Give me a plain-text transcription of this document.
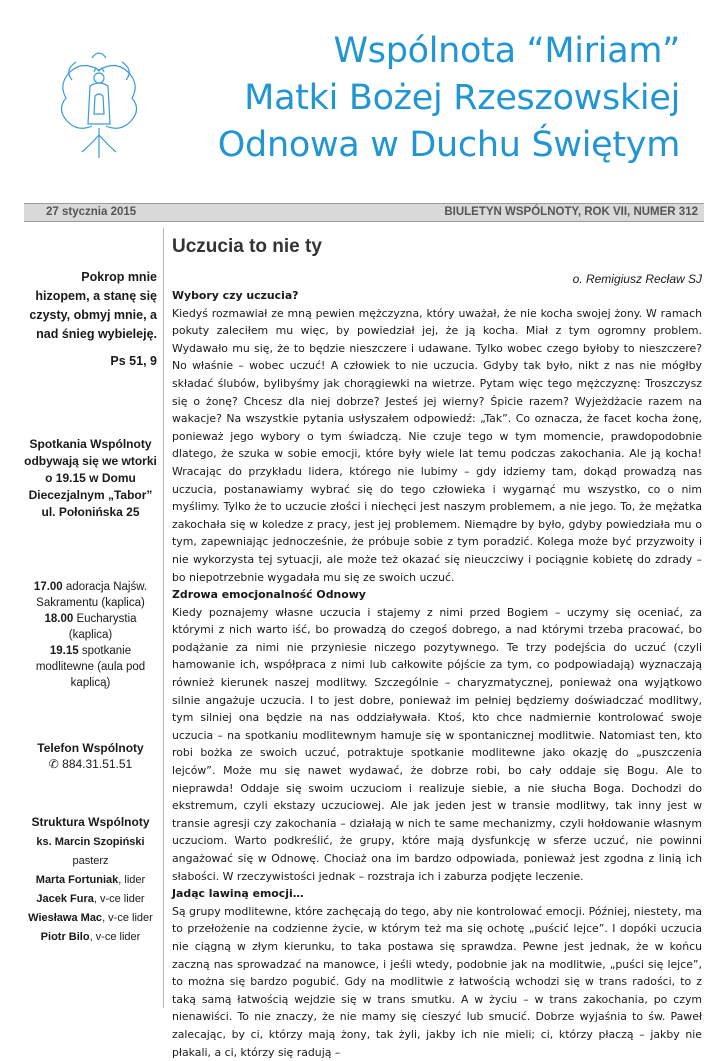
Wspólnota “Miriam”
Matki Bożej Rzeszowskiej
Odnowa w Duchu Świętym
27 stycznia 2015	BIULETYN WSPÓLNOTY, ROK VII, NUMER 312
Pokrop mnie hizopem, a stanę się czysty, obmyj mnie, a nad śnieg wybieleję.
Ps 51, 9
Spotkania Wspólnoty odbywają się we wtorki o 19.15 w Domu Diecezjalnym „Tabor” ul. Połonińska 25
17.00 adoracja Najśw. Sakramentu (kaplica)
18.00 Eucharystia (kaplica)
19.15 spotkanie modlitewne (aula pod kaplicą)
Telefon Wspólnoty
✆ 884.31.51.51
Struktura Wspólnoty
ks. Marcin Szopiński
pasterz
Marta Fortuniak, lider
Jacek Fura, v-ce lider
Wiesława Mac, v-ce lider
Piotr Bilo, v-ce lider
Uczucia to nie ty
o. Remigiusz Recław SJ
Wybory czy uczucia?

Kiedyś rozmawiał ze mną pewien mężczyzna, który uważał, że nie kocha swojej żony. W ramach pokuty zaleciłem mu więc, by powiedział jej, że ją kocha. Miał z tym ogromny problem. Wydawało mu się, że to będzie nieszczere i udawane. Tylko wobec czego byłoby to nieszczere? No właśnie – wobec uczuć! A człowiek to nie uczucia. Gdyby tak było, nikt z nas nie mógłby składać ślubów, bylibyśmy jak chorągiewki na wietrze. Pytam więc tego mężczyznę: Troszczysz się o żonę? Chcesz dla niej dobrze? Jesteś jej wierny? Śpicie razem? Wyjeżdżacie razem na wakacje? Na wszystkie pytania usłyszałem odpowiedź: „Tak”. Co oznacza, że facet kocha żonę, ponieważ jego wybory o tym świadczą. Nie czuje tego w tym momencie, prawdopodobnie dlatego, że szuka w sobie emocji, które były wiele lat temu podczas zakochania. Ale ją kocha! Wracając do przykładu lidera, którego nie lubimy – gdy idziemy tam, dokąd prowadzą nas uczucia, postanawiamy wybrać się do tego człowieka i wygarnąć mu wszystko, co o nim myślimy. Tylko że to uczucie złości i niechęci jest naszym problemem, a nie jego. To, że mężatka zakochała się w koledze z pracy, jest jej problemem. Niemądre by było, gdyby powiedziała mu o tym, zapewniając jednocześnie, że próbuje sobie z tym poradzić. Kolega może być przyzwoity i nie wykorzysta tej sytuacji, ale może też okazać się nieuczciwy i pociągnie kobietę do zdrady – bo niepotrzebnie wygadała mu się ze swoich uczuć.

Zdrowa emocjonalność Odnowy

Kiedy poznajemy własne uczucia i stajemy z nimi przed Bogiem – uczymy się oceniać, za którymi z nich warto iść, bo prowadzą do czegoś dobrego, a nad którymi trzeba pracować, bo podążanie za nimi nie przyniesie niczego pozytywnego. Te trzy podejścia do uczuć (czyli hamowanie ich, współpraca z nimi lub całkowite pójście za tym, co podpowiadają) wyznaczają również kierunek naszej modlitwy. Szczególnie – charyzmatycznej, ponieważ ona wyjątkowo silnie angażuje uczucia. I to jest dobre, ponieważ im pełniej będziemy doświadczać modlitwy, tym silniej ona będzie na nas oddziaływała. Ktoś, kto chce nadmiernie kontrolować swoje uczucia – na spotkaniu modlitewnym hamuje się w spontanicznej modlitwie. Natomiast ten, kto robi bożka ze swoich uczuć, potraktuje spotkanie modlitewne jako okazję do „puszczenia lejców”. Może mu się nawet wydawać, że dobrze robi, bo cały oddaje się Bogu. Ale to nieprawda! Oddaje się swoim uczuciom i realizuje siebie, a nie słucha Boga. Dochodzi do ekstremum, czyli ekstazy uczuciowej. Ale jak jeden jest w transie modlitwy, tak inny jest w transie agresji czy zakochania – działają w nich te same mechanizmy, czyli hołdowanie własnym uczuciom. Warto podkreślić, że grupy, które mają dysfunkcję w sferze uczuć, nie powinni angażować się w Odnowę. Chociaż ona im bardzo odpowiada, ponieważ jest zgodna z linią ich słabości. W rzeczywistości jednak – rozstraja ich i zaburza podjęte leczenie.

Jadąc lawiną emocji…

Są grupy modlitewne, które zachęcają do tego, aby nie kontrolować emocji. Później, niestety, ma to przełożenie na codzienne życie, w którym też ma się ochotę „puścić lejce”. I dopóki uczucia nie ciągną w złym kierunku, to taka postawa się sprawdza. Pewne jest jednak, że w końcu zaczną nas sprowadzać na manowce, i jeśli wtedy, podobnie jak na modlitwie, „puści się lejce”, to można się bardzo pogubić. Gdy na modlitwie z łatwością wchodzi się w trans radości, to z taką samą łatwością wejdzie się w trans smutku. A w życiu – w trans zakochania, po czym nienawiści. To nie znaczy, że nie mamy się cieszyć lub smucić. Dobrze wyjaśnia to św. Paweł zalecając, by ci, którzy mają żony, tak żyli, jakby ich nie mieli; ci, którzy płaczą – jakby nie płakali, a ci, którzy się radują –
